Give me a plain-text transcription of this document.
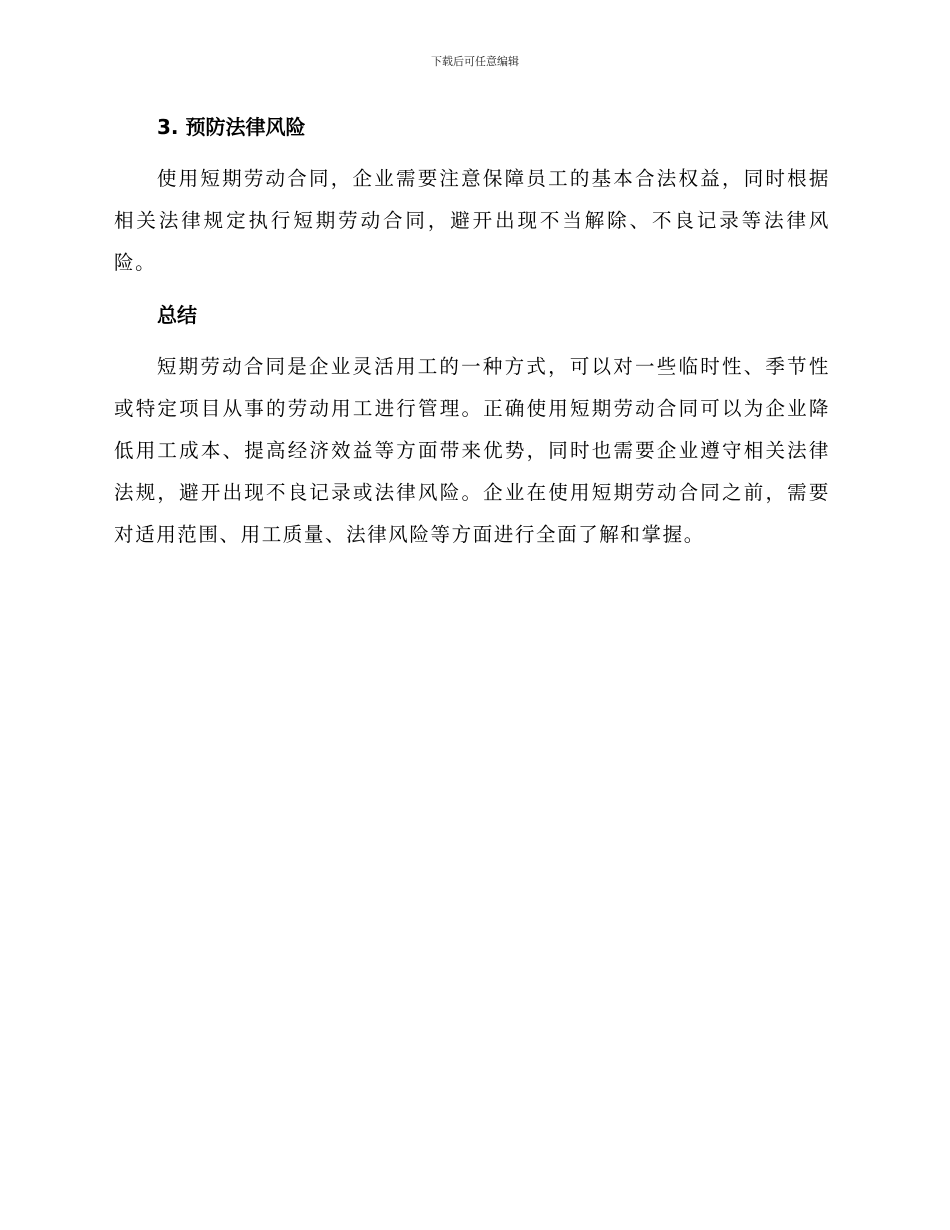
下载后可任意编辑
3. 预防法律风险

使用短期劳动合同，企业需要注意保障员工的基本合法权益，同时根据相关法律规定执行短期劳动合同，避开出现不当解除、不良记录等法律风险。

总结

短期劳动合同是企业灵活用工的一种方式，可以对一些临时性、季节性或特定项目从事的劳动用工进行管理。正确使用短期劳动合同可以为企业降低用工成本、提高经济效益等方面带来优势，同时也需要企业遵守相关法律法规，避开出现不良记录或法律风险。企业在使用短期劳动合同之前，需要对适用范围、用工质量、法律风险等方面进行全面了解和掌握。
